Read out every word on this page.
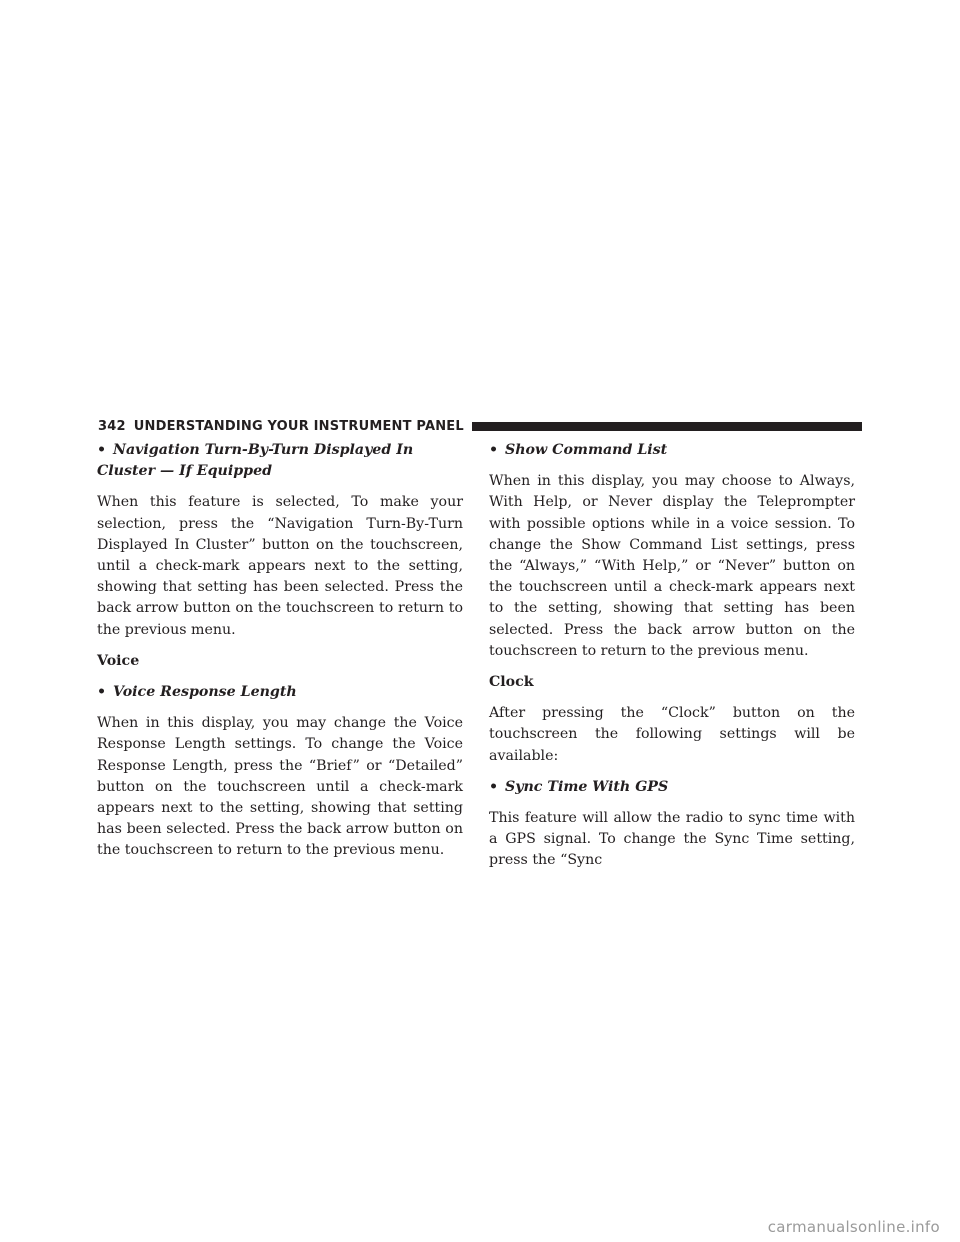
342 UNDERSTANDING YOUR INSTRUMENT PANEL
• Navigation Turn-By-Turn Displayed In Cluster — If Equipped

When this feature is selected, To make your selection, press the “Navigation Turn-By-Turn Displayed In Cluster” button on the touchscreen, until a check-mark appears next to the setting, showing that setting has been selected. Press the back arrow button on the touchscreen to return to the previous menu.

Voice
• Voice Response Length

When in this display, you may change the Voice Response Length settings. To change the Voice Response Length, press the “Brief” or “Detailed” button on the touchscreen until a check-mark appears next to the setting, showing that setting has been selected. Press the back arrow button on the touchscreen to return to the previous menu.

• Show Command List

When in this display, you may choose to Always, With Help, or Never display the Teleprompter with possible options while in a voice session. To change the Show Command List settings, press the “Always,” “With Help,” or “Never” button on the touchscreen until a check-mark appears next to the setting, showing that setting has been selected. Press the back arrow button on the touchscreen to return to the previous menu.

Clock

After pressing the “Clock” button on the touchscreen the following settings will be available:

• Sync Time With GPS

This feature will allow the radio to sync time with a GPS signal. To change the Sync Time setting, press the “Sync

carmanualsonline.info
